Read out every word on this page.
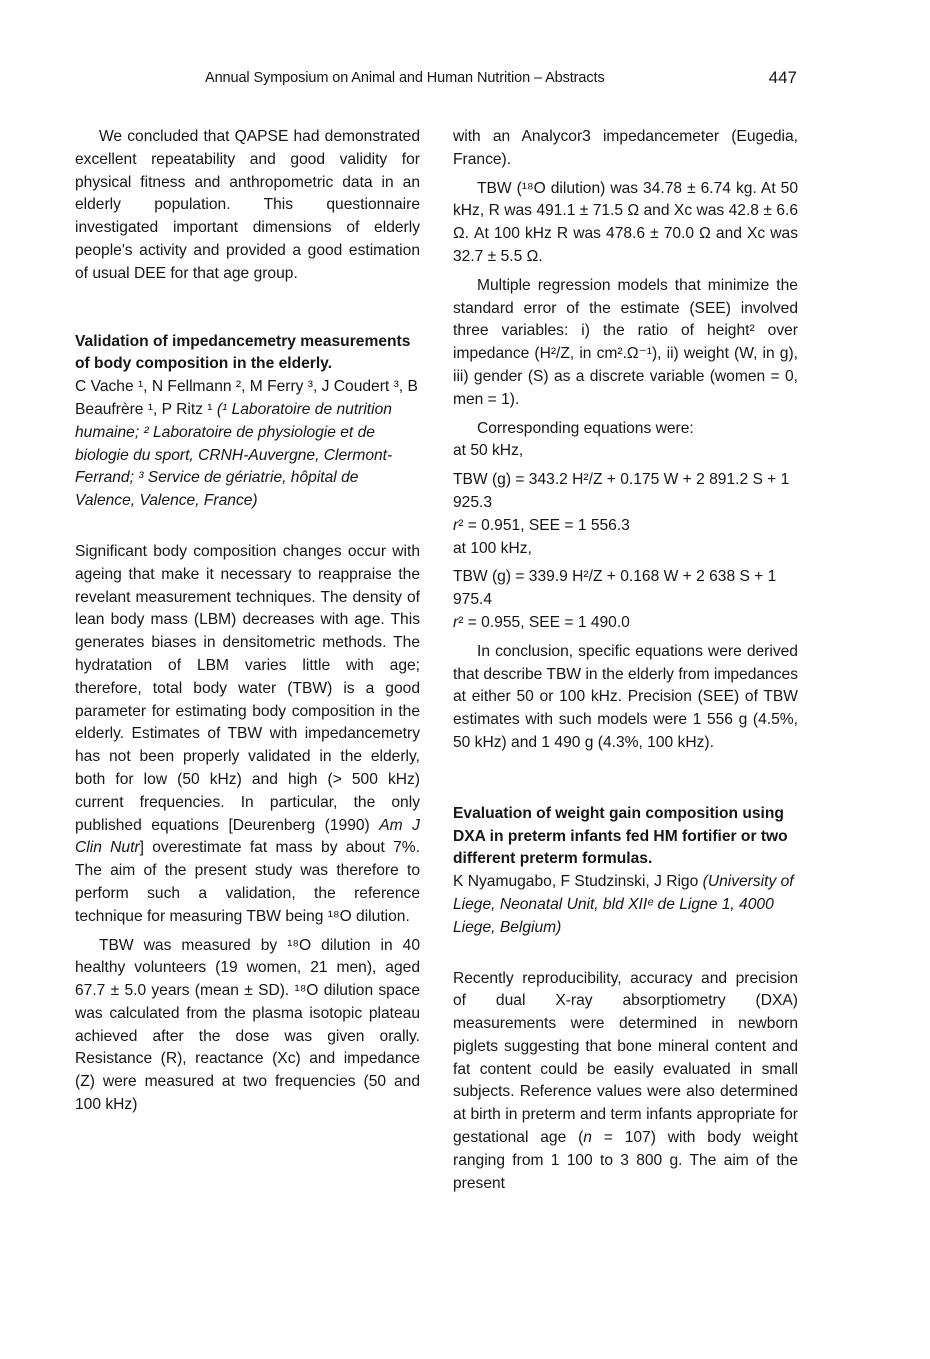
Annual Symposium on Animal and Human Nutrition – Abstracts	447

We concluded that QAPSE had demonstrated excellent repeatability and good validity for physical fitness and anthropometric data in an elderly population. This questionnaire investigated important dimensions of elderly people's activity and provided a good estimation of usual DEE for that age group.

Validation of impedancemetry measurements of body composition in the elderly.

C Vache ¹, N Fellmann ², M Ferry ³, J Coudert ³, B Beaufrère ¹, P Ritz ¹ (¹ Laboratoire de nutrition humaine; ² Laboratoire de physiologie et de biologie du sport, CRNH-Auvergne, Clermont-Ferrand; ³ Service de gériatrie, hôpital de Valence, Valence, France)

Significant body composition changes occur with ageing that make it necessary to reappraise the revelant measurement techniques. The density of lean body mass (LBM) decreases with age. This generates biases in densitometric methods. The hydratation of LBM varies little with age; therefore, total body water (TBW) is a good parameter for estimating body composition in the elderly. Estimates of TBW with impedancemetry has not been properly validated in the elderly, both for low (50 kHz) and high (> 500 kHz) current frequencies. In particular, the only published equations [Deurenberg (1990) Am J Clin Nutr] overestimate fat mass by about 7%. The aim of the present study was therefore to perform such a validation, the reference technique for measuring TBW being ¹⁸O dilution.

TBW was measured by ¹⁸O dilution in 40 healthy volunteers (19 women, 21 men), aged 67.7 ± 5.0 years (mean ± SD). ¹⁸O dilution space was calculated from the plasma isotopic plateau achieved after the dose was given orally. Resistance (R), reactance (Xc) and impedance (Z) were measured at two frequencies (50 and 100 kHz)

with an Analycor3 impedancemeter (Eugedia, France).

TBW (¹⁸O dilution) was 34.78 ± 6.74 kg. At 50 kHz, R was 491.1 ± 71.5 Ω and Xc was 42.8 ± 6.6 Ω. At 100 kHz R was 478.6 ± 70.0 Ω and Xc was 32.7 ± 5.5 Ω.

Multiple regression models that minimize the standard error of the estimate (SEE) involved three variables: i) the ratio of height² over impedance (H²/Z, in cm².Ω⁻¹), ii) weight (W, in g), iii) gender (S) as a discrete variable (women = 0, men = 1).

Corresponding equations were:

at 50 kHz,

TBW (g) = 343.2 H²/Z + 0.175 W + 2 891.2 S + 1 925.3

r² = 0.951, SEE = 1 556.3

at 100 kHz,

TBW (g) = 339.9 H²/Z + 0.168 W + 2 638 S + 1 975.4

r² = 0.955, SEE = 1 490.0

In conclusion, specific equations were derived that describe TBW in the elderly from impedances at either 50 or 100 kHz. Precision (SEE) of TBW estimates with such models were 1 556 g (4.5%, 50 kHz) and 1 490 g (4.3%, 100 kHz).

Evaluation of weight gain composition using DXA in preterm infants fed HM fortifier or two different preterm formulas.

K Nyamugabo, F Studzinski, J Rigo (University of Liege, Neonatal Unit, bld XIIᵉ de Ligne 1, 4000 Liege, Belgium)

Recently reproducibility, accuracy and precision of dual X-ray absorptiometry (DXA) measurements were determined in newborn piglets suggesting that bone mineral content and fat content could be easily evaluated in small subjects. Reference values were also determined at birth in preterm and term infants appropriate for gestational age (n = 107) with body weight ranging from 1 100 to 3 800 g. The aim of the present
